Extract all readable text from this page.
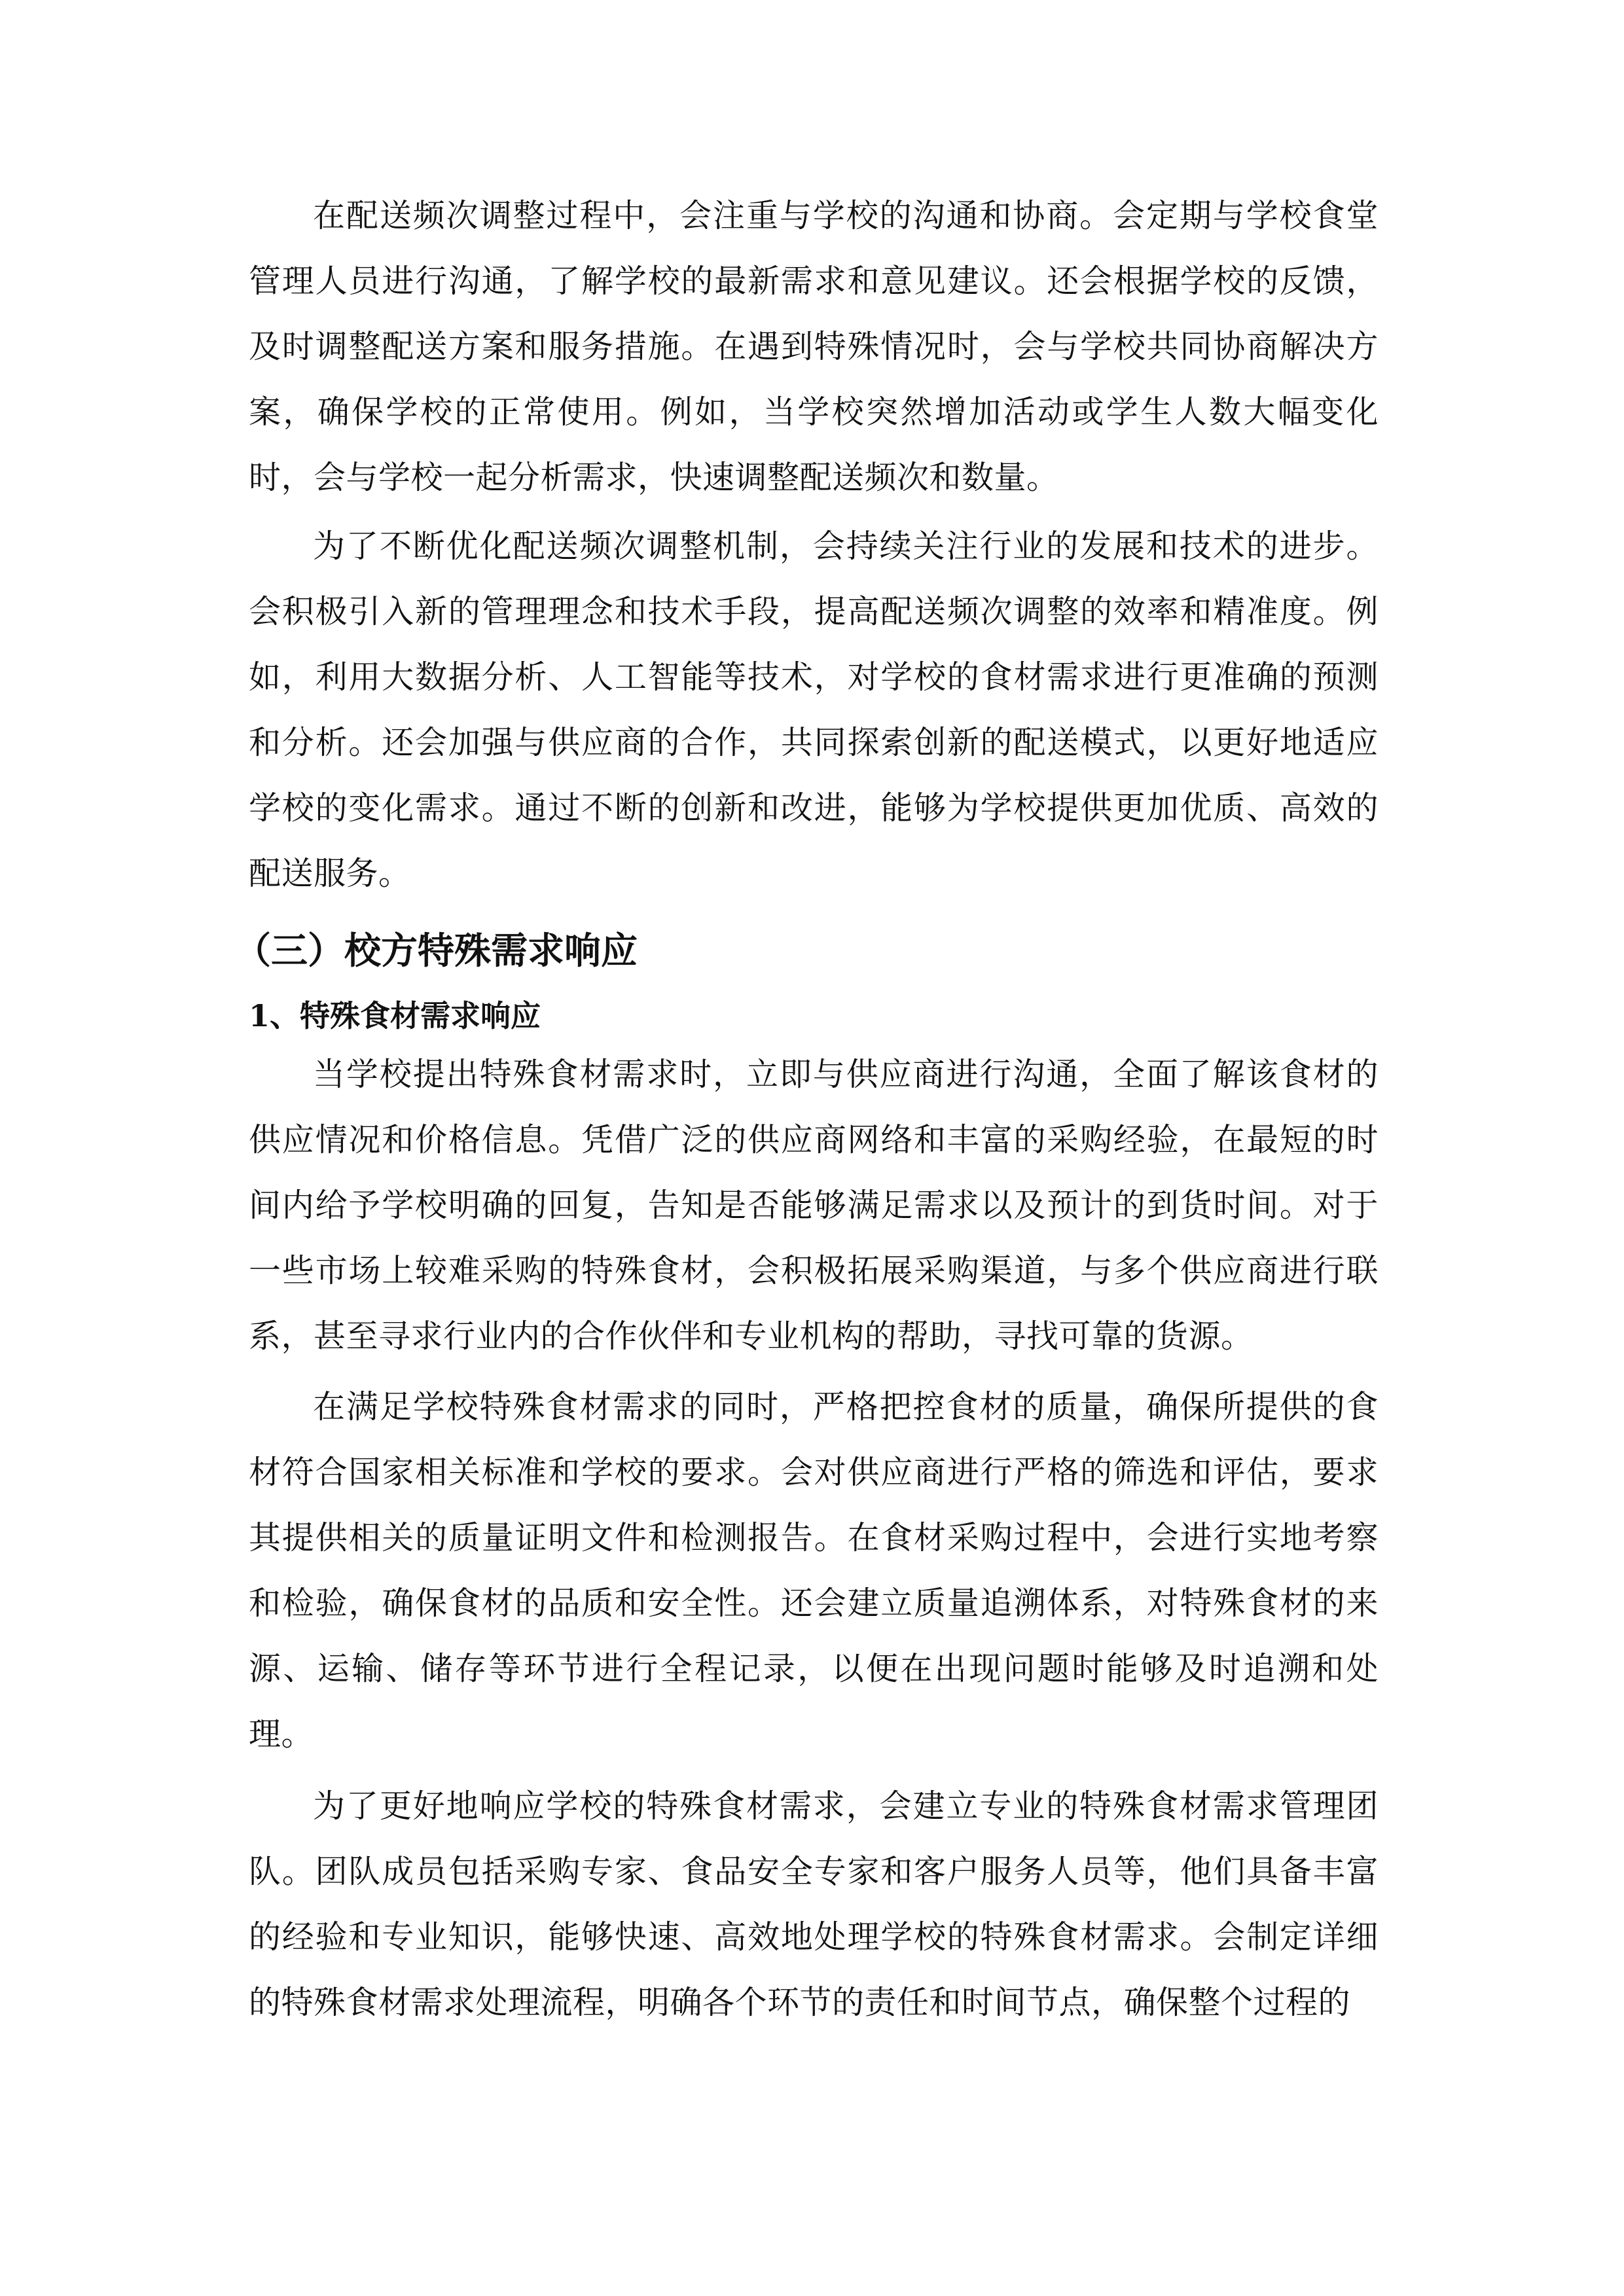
在配送频次调整过程中，会注重与学校的沟通和协商。会定期与学校食堂管理人员进行沟通，了解学校的最新需求和意见建议。还会根据学校的反馈，及时调整配送方案和服务措施。在遇到特殊情况时，会与学校共同协商解决方案，确保学校的正常使用。例如，当学校突然增加活动或学生人数大幅变化时，会与学校一起分析需求，快速调整配送频次和数量。

为了不断优化配送频次调整机制，会持续关注行业的发展和技术的进步。会积极引入新的管理理念和技术手段，提高配送频次调整的效率和精准度。例如，利用大数据分析、人工智能等技术，对学校的食材需求进行更准确的预测和分析。还会加强与供应商的合作，共同探索创新的配送模式，以更好地适应学校的变化需求。通过不断的创新和改进，能够为学校提供更加优质、高效的配送服务。

（三）校方特殊需求响应
1、特殊食材需求响应

当学校提出特殊食材需求时，立即与供应商进行沟通，全面了解该食材的供应情况和价格信息。凭借广泛的供应商网络和丰富的采购经验，在最短的时间内给予学校明确的回复，告知是否能够满足需求以及预计的到货时间。对于一些市场上较难采购的特殊食材，会积极拓展采购渠道，与多个供应商进行联系，甚至寻求行业内的合作伙伴和专业机构的帮助，寻找可靠的货源。

在满足学校特殊食材需求的同时，严格把控食材的质量，确保所提供的食材符合国家相关标准和学校的要求。会对供应商进行严格的筛选和评估，要求其提供相关的质量证明文件和检测报告。在食材采购过程中，会进行实地考察和检验，确保食材的品质和安全性。还会建立质量追溯体系，对特殊食材的来源、运输、储存等环节进行全程记录，以便在出现问题时能够及时追溯和处理。

为了更好地响应学校的特殊食材需求，会建立专业的特殊食材需求管理团队。团队成员包括采购专家、食品安全专家和客户服务人员等，他们具备丰富的经验和专业知识，能够快速、高效地处理学校的特殊食材需求。会制定详细的特殊食材需求处理流程，明确各个环节的责任和时间节点，确保整个过程的
